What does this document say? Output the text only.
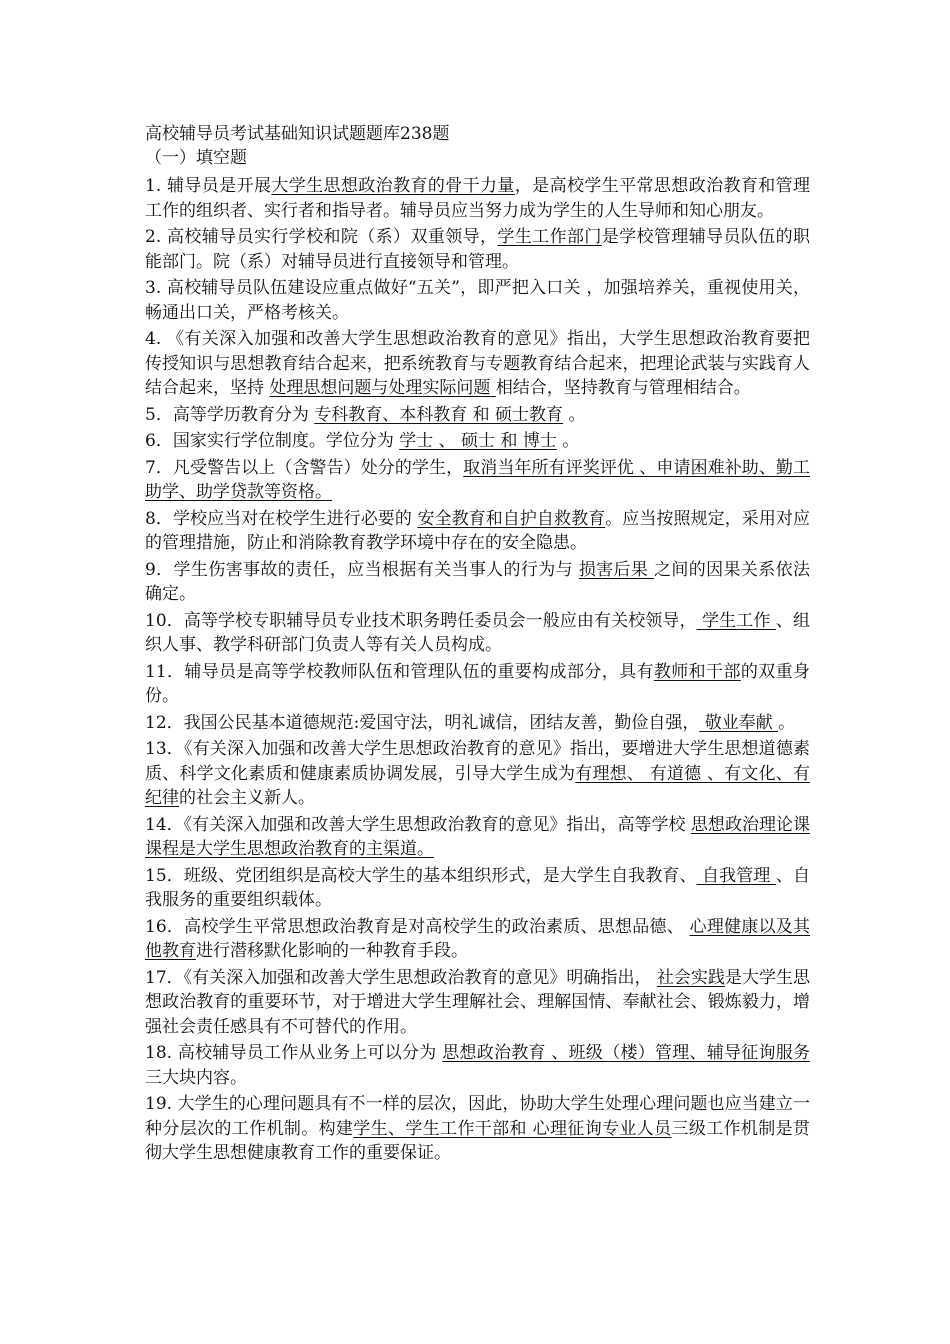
高校辅导员考试基础知识试题题库238题

（一）填空题

1. 辅导员是开展大学生思想政治教育的骨干力量，是高校学生平常思想政治教育和管理工作的组织者、实行者和指导者。辅导员应当努力成为学生的人生导师和知心朋友。

2. 高校辅导员实行学校和院（系）双重领导，学生工作部门是学校管理辅导员队伍的职能部门。院（系）对辅导员进行直接领导和管理。

3. 高校辅导员队伍建设应重点做好“五关”，即严把入口关 ，加强培养关，重视使用关，畅通出口关，严格考核关。

4. 《有关深入加强和改善大学生思想政治教育的意见》指出，大学生思想政治教育要把传授知识与思想教育结合起来，把系统教育与专题教育结合起来，把理论武装与实践育人结合起来，坚持 处理思想问题与处理实际问题 相结合，坚持教育与管理相结合。

5．高等学历教育分为 专科教育、本科教育 和 硕士教育 。

6．国家实行学位制度。学位分为 学士 、 硕士 和 博士 。

7．凡受警告以上（含警告）处分的学生，取消当年所有评奖评优 、申请困难补助、勤工助学、助学贷款等资格。

8．学校应当对在校学生进行必要的 安全教育和自护自救教育。应当按照规定，采用对应的管理措施，防止和消除教育教学环境中存在的安全隐患。

9．学生伤害事故的责任，应当根据有关当事人的行为与 损害后果 之间的因果关系依法确定。

10．高等学校专职辅导员专业技术职务聘任委员会一般应由有关校领导， 学生工作 、组织人事、教学科研部门负责人等有关人员构成。

11．辅导员是高等学校教师队伍和管理队伍的重要构成部分，具有教师和干部的双重身份。

12．我国公民基本道德规范:爱国守法，明礼诚信，团结友善，勤俭自强， 敬业奉献 。

13．《有关深入加强和改善大学生思想政治教育的意见》指出，要增进大学生思想道德素质、科学文化素质和健康素质协调发展，引导大学生成为有理想、 有道德 、有文化、有纪律的社会主义新人。

14．《有关深入加强和改善大学生思想政治教育的意见》指出，高等学校 思想政治理论课课程是大学生思想政治教育的主渠道。

15．班级、党团组织是高校大学生的基本组织形式，是大学生自我教育、 自我管理 、自我服务的重要组织载体。

16．高校学生平常思想政治教育是对高校学生的政治素质、思想品德、 心理健康以及其他教育进行潜移默化影响的一种教育手段。

17．《有关深入加强和改善大学生思想政治教育的意见》明确指出， 社会实践是大学生思想政治教育的重要环节，对于增进大学生理解社会、理解国情、奉献社会、锻炼毅力，增强社会责任感具有不可替代的作用。

18. 高校辅导员工作从业务上可以分为 思想政治教育 、班级（楼）管理、辅导征询服务三大块内容。

19. 大学生的心理问题具有不一样的层次，因此，协助大学生处理心理问题也应当建立一种分层次的工作机制。构建学生、学生工作干部和 心理征询专业人员三级工作机制是贯彻大学生思想健康教育工作的重要保证。
